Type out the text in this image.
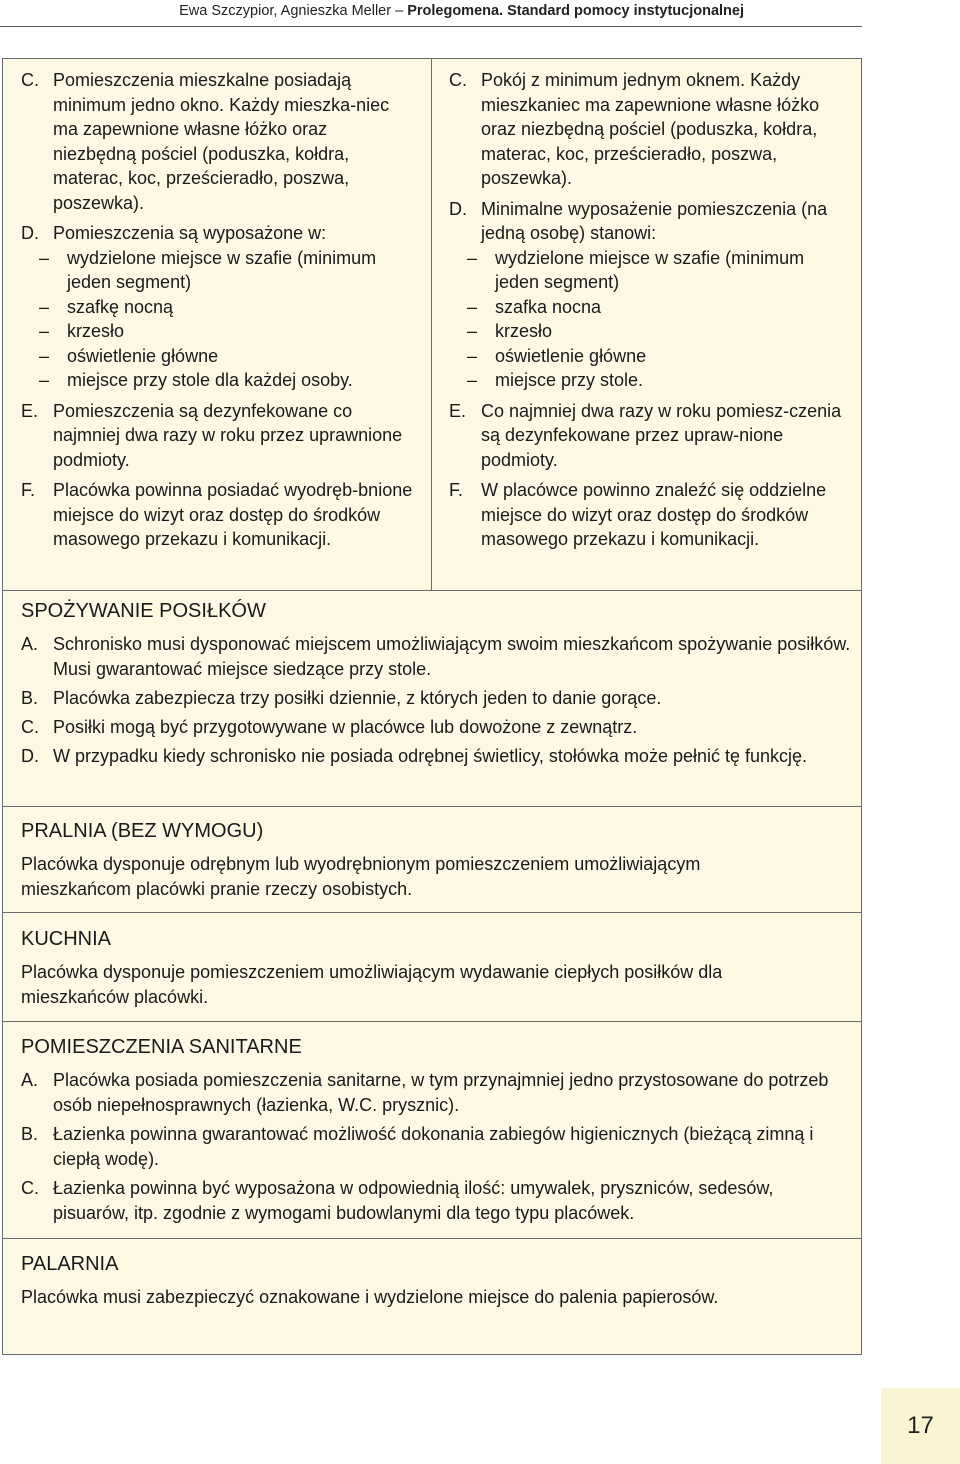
Ewa Szczypior, Agnieszka Meller – Prolegomena. Standard pomocy instytucjonalnej
C. Pomieszczenia mieszkalne posiadają minimum jedno okno. Każdy mieszka-niec ma zapewnione własne łóżko oraz niezbędną pościel (poduszka, kołdra, materac, koc, prześcieradło, poszwa, poszewka).
D. Pomieszczenia są wyposażone w:
– wydzielone miejsce w szafie (minimum jeden segment)
– szafkę nocną
– krzesło
– oświetlenie główne
– miejsce przy stole dla każdej osoby.
E. Pomieszczenia są dezynfekowane co najmniej dwa razy w roku przez uprawnione podmioty.
F. Placówka powinna posiadać wyodręb-bnione miejsce do wizyt oraz dostęp do środków masowego przekazu i komunikacji.
C. Pokój z minimum jednym oknem. Każdy mieszkaniec ma zapewnione własne łóżko oraz niezbędną pościel (poduszka, kołdra, materac, koc, prześcieradło, poszwa, poszewka).
D. Minimalne wyposażenie pomieszczenia (na jedną osobę) stanowi:
– wydzielone miejsce w szafie (minimum jeden segment)
– szafka nocna
– krzesło
– oświetlenie główne
– miejsce przy stole.
E. Co najmniej dwa razy w roku pomiesz-czenia są dezynfekowane przez upraw-nione podmioty.
F. W placówce powinno znaleźć się oddzielne miejsce do wizyt oraz dostęp do środków masowego przekazu i komunikacji.
SPOŻYWANIE POSIŁKÓW
A. Schronisko musi dysponować miejscem umożliwiającym swoim mieszkańcom spożywanie posiłków. Musi gwarantować miejsce siedzące przy stole.
B. Placówka zabezpiecza trzy posiłki dziennie, z których jeden to danie gorące.
C. Posiłki mogą być przygotowywane w placówce lub dowożone z zewnątrz.
D. W przypadku kiedy schronisko nie posiada odrębnej świetlicy, stołówka może pełnić tę funkcję.
PRALNIA (BEZ WYMOGU)
Placówka dysponuje odrębnym lub wyodrębnionym pomieszczeniem umożliwiającym mieszkańcom placówki pranie rzeczy osobistych.
KUCHNIA
Placówka dysponuje pomieszczeniem umożliwiającym wydawanie ciepłych posiłków dla mieszkańców placówki.
POMIESZCZENIA SANITARNE
A. Placówka posiada pomieszczenia sanitarne, w tym przynajmniej jedno przystosowane do potrzeb osób niepełnosprawnych (łazienka, W.C. prysznic).
B. Łazienka powinna gwarantować możliwość dokonania zabiegów higienicznych (bieżącą zimną i ciepłą wodę).
C. Łazienka powinna być wyposażona w odpowiednią ilość: umywalek, pryszniców, sedesów, pisuarów, itp. zgodnie z wymogami budowlanymi dla tego typu placówek.
PALARNIA
Placówka musi zabezpieczyć oznakowane i wydzielone miejsce do palenia papierosów.
17
